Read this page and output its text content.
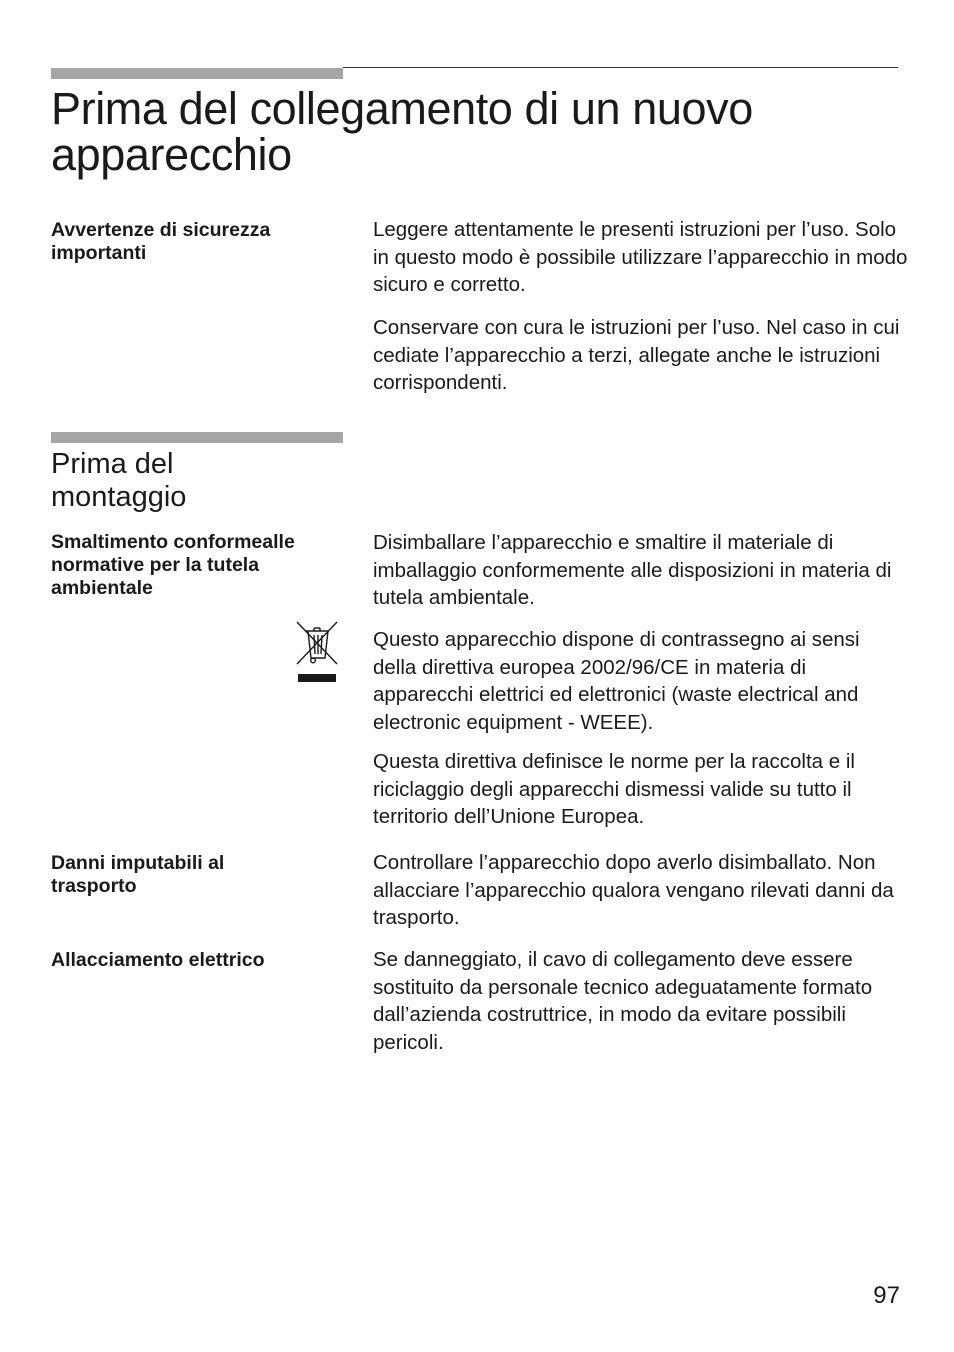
Prima del collegamento di un nuovo apparecchio
Avvertenze di sicurezza importanti

Leggere attentamente le presenti istruzioni per l’uso. Solo in questo modo è possibile utilizzare l’apparecchio in modo sicuro e corretto.

Conservare con cura le istruzioni per l’uso. Nel caso in cui cediate l’apparecchio a terzi, allegate anche le istruzioni corrispondenti.

Prima del montaggio
Smaltimento conformealle normative per la tutela ambientale

Disimballare l’apparecchio e smaltire il materiale di imballaggio conformemente alle disposizioni in materia di tutela ambientale.

Questo apparecchio dispone di contrassegno ai sensi della direttiva europea 2002/96/CE in materia di apparecchi elettrici ed elettronici (waste electrical and electronic equipment - WEEE).

Questa direttiva definisce le norme per la raccolta e il riciclaggio degli apparecchi dismessi valide su tutto il territorio dell’Unione Europea.

Danni imputabili al trasporto

Controllare l’apparecchio dopo averlo disimballato. Non allacciare l’apparecchio qualora vengano rilevati danni da trasporto.

Allacciamento elettrico	Se danneggiato, il cavo di collegamento deve essere sostituito da personale tecnico adeguatamente formato dall’azienda costruttrice, in modo da evitare possibili pericoli.

97
